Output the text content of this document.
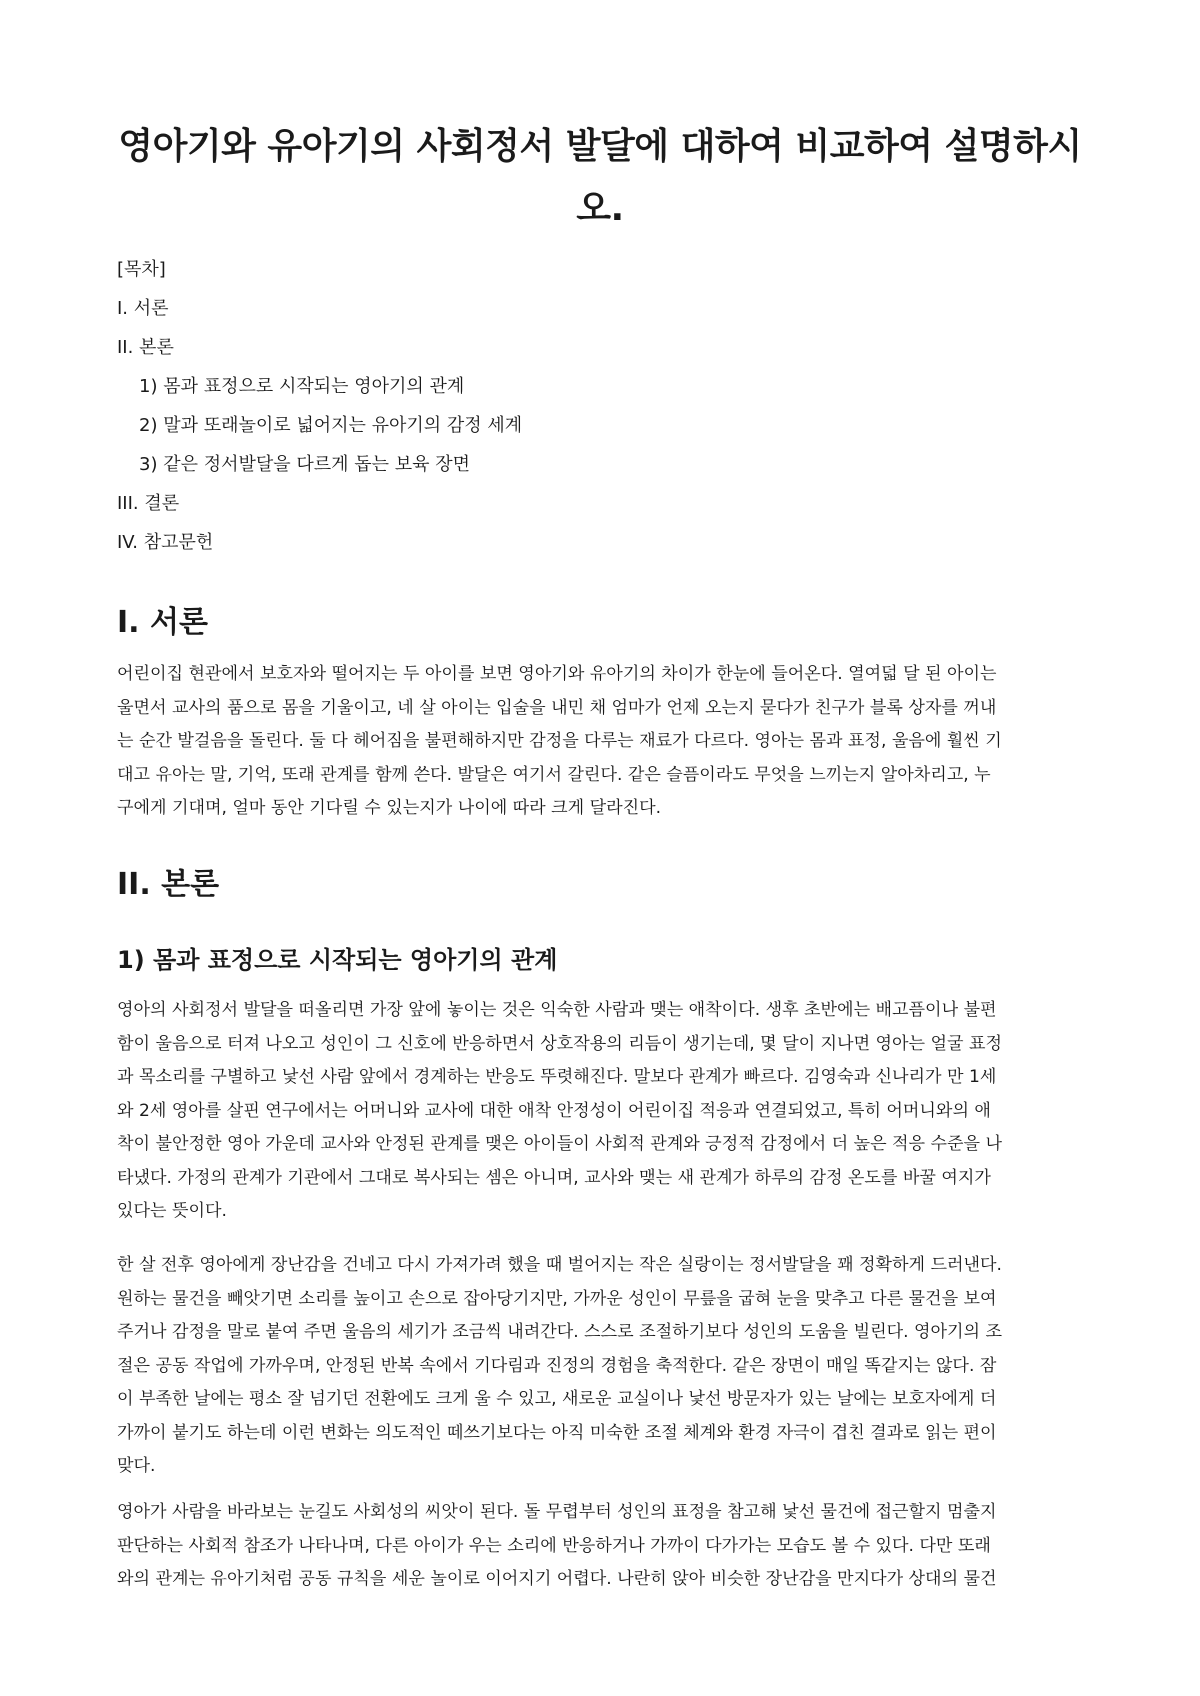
영아기와 유아기의 사회정서 발달에 대하여 비교하여 설명하시
오.
[목차]
I. 서론
II. 본론
1) 몸과 표정으로 시작되는 영아기의 관계
2) 말과 또래놀이로 넓어지는 유아기의 감정 세계
3) 같은 정서발달을 다르게 돕는 보육 장면
III. 결론
IV. 참고문헌
I. 서론
어린이집 현관에서 보호자와 떨어지는 두 아이를 보면 영아기와 유아기의 차이가 한눈에 들어온다. 열여덟 달 된 아이는
울면서 교사의 품으로 몸을 기울이고, 네 살 아이는 입술을 내민 채 엄마가 언제 오는지 묻다가 친구가 블록 상자를 꺼내
는 순간 발걸음을 돌린다. 둘 다 헤어짐을 불편해하지만 감정을 다루는 재료가 다르다. 영아는 몸과 표정, 울음에 훨씬 기
대고 유아는 말, 기억, 또래 관계를 함께 쓴다. 발달은 여기서 갈린다. 같은 슬픔이라도 무엇을 느끼는지 알아차리고, 누
구에게 기대며, 얼마 동안 기다릴 수 있는지가 나이에 따라 크게 달라진다.
II. 본론
1) 몸과 표정으로 시작되는 영아기의 관계
영아의 사회정서 발달을 떠올리면 가장 앞에 놓이는 것은 익숙한 사람과 맺는 애착이다. 생후 초반에는 배고픔이나 불편
함이 울음으로 터져 나오고 성인이 그 신호에 반응하면서 상호작용의 리듬이 생기는데, 몇 달이 지나면 영아는 얼굴 표정
과 목소리를 구별하고 낯선 사람 앞에서 경계하는 반응도 뚜렷해진다. 말보다 관계가 빠르다. 김영숙과 신나리가 만 1세
와 2세 영아를 살핀 연구에서는 어머니와 교사에 대한 애착 안정성이 어린이집 적응과 연결되었고, 특히 어머니와의 애
착이 불안정한 영아 가운데 교사와 안정된 관계를 맺은 아이들이 사회적 관계와 긍정적 감정에서 더 높은 적응 수준을 나
타냈다. 가정의 관계가 기관에서 그대로 복사되는 셈은 아니며, 교사와 맺는 새 관계가 하루의 감정 온도를 바꿀 여지가
있다는 뜻이다.
한 살 전후 영아에게 장난감을 건네고 다시 가져가려 했을 때 벌어지는 작은 실랑이는 정서발달을 꽤 정확하게 드러낸다.
원하는 물건을 빼앗기면 소리를 높이고 손으로 잡아당기지만, 가까운 성인이 무릎을 굽혀 눈을 맞추고 다른 물건을 보여
주거나 감정을 말로 붙여 주면 울음의 세기가 조금씩 내려간다. 스스로 조절하기보다 성인의 도움을 빌린다. 영아기의 조
절은 공동 작업에 가까우며, 안정된 반복 속에서 기다림과 진정의 경험을 축적한다. 같은 장면이 매일 똑같지는 않다. 잠
이 부족한 날에는 평소 잘 넘기던 전환에도 크게 울 수 있고, 새로운 교실이나 낯선 방문자가 있는 날에는 보호자에게 더
가까이 붙기도 하는데 이런 변화는 의도적인 떼쓰기보다는 아직 미숙한 조절 체계와 환경 자극이 겹친 결과로 읽는 편이
맞다.
영아가 사람을 바라보는 눈길도 사회성의 씨앗이 된다. 돌 무렵부터 성인의 표정을 참고해 낯선 물건에 접근할지 멈출지
판단하는 사회적 참조가 나타나며, 다른 아이가 우는 소리에 반응하거나 가까이 다가가는 모습도 볼 수 있다. 다만 또래
와의 관계는 유아기처럼 공동 규칙을 세운 놀이로 이어지기 어렵다. 나란히 앉아 비슷한 장난감을 만지다가 상대의 물건
